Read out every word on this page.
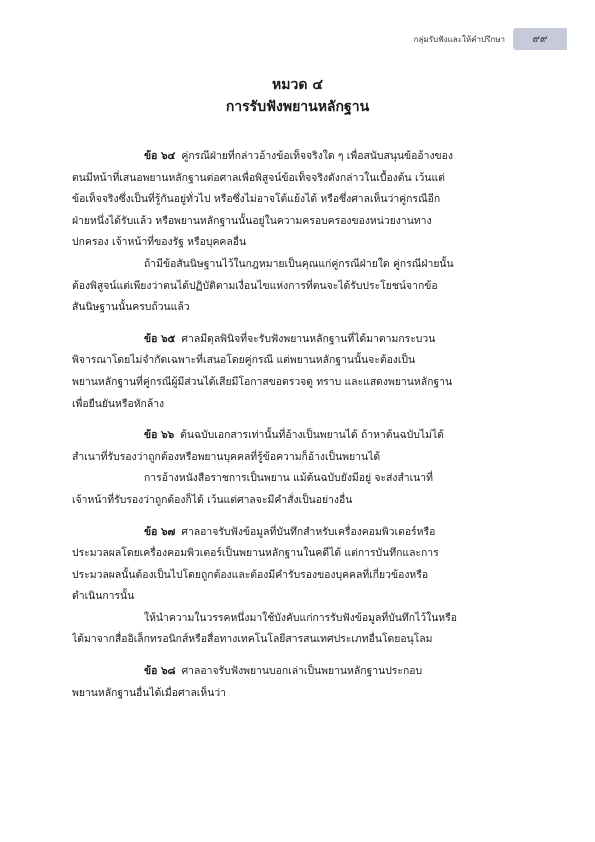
กลุ่มรับฟังและให้คำปรึกษา	๙๙
หมวด ๔
การรับฟังพยานหลักฐาน
ข้อ ๖๔ คู่กรณีฝ่ายที่กล่าวอ้างข้อเท็จจริงใด ๆ เพื่อสนับสนุนข้ออ้างของ
ตนมีหน้าที่เสนอพยานหลักฐานต่อศาลเพื่อพิสูจน์ข้อเท็จจริงดังกล่าวในเบื้องต้น เว้นแต่
ข้อเท็จจริงซึ่งเป็นที่รู้กันอยู่ทั่วไป หรือซึ่งไม่อาจโต้แย้งได้ หรือซึ่งศาลเห็นว่าคู่กรณีอีก
ฝ่ายหนึ่งได้รับแล้ว หรือพยานหลักฐานนั้นอยู่ในความครอบครองของหน่วยงานทาง
ปกครอง เจ้าหน้าที่ของรัฐ หรือบุคคลอื่น
ถ้ามีข้อสันนิษฐานไว้ในกฎหมายเป็นคุณแก่คู่กรณีฝ่ายใด คู่กรณีฝ่ายนั้น
ต้องพิสูจน์แต่เพียงว่าตนได้ปฏิบัติตามเงื่อนไขแห่งการที่ตนจะได้รับประโยชน์จากข้อ
สันนิษฐานนั้นครบถ้วนแล้ว
ข้อ ๖๕ ศาลมีดุลพินิจที่จะรับฟังพยานหลักฐานที่ได้มาตามกระบวน
พิจารณาโดยไม่จำกัดเฉพาะที่เสนอโดยคู่กรณี แต่พยานหลักฐานนั้นจะต้องเป็น
พยานหลักฐานที่คู่กรณีผู้มีส่วนได้เสียมีโอกาสขอตรวจดู ทราบ และแสดงพยานหลักฐาน
เพื่อยืนยันหรือหักล้าง
ข้อ ๖๖ ต้นฉบับเอกสารเท่านั้นที่อ้างเป็นพยานได้ ถ้าหาต้นฉบับไม่ได้
สำเนาที่รับรองว่าถูกต้องหรือพยานบุคคลที่รู้ข้อความก็อ้างเป็นพยานได้
การอ้างหนังสือราชการเป็นพยาน แม้ต้นฉบับยังมีอยู่ จะส่งสำเนาที่
เจ้าหน้าที่รับรองว่าถูกต้องก็ได้ เว้นแต่ศาลจะมีคำสั่งเป็นอย่างอื่น
ข้อ ๖๗ ศาลอาจรับฟังข้อมูลที่บันทึกสำหรับเครื่องคอมพิวเตอร์หรือ
ประมวลผลโดยเครื่องคอมพิวเตอร์เป็นพยานหลักฐานในคดีได้ แต่การบันทึกและการ
ประมวลผลนั้นต้องเป็นไปโดยถูกต้องและต้องมีคำรับรองของบุคคลที่เกี่ยวข้องหรือ
ดำเนินการนั้น
ให้นำความในวรรคหนึ่งมาใช้บังคับแก่การรับฟังข้อมูลที่บันทึกไว้ในหรือ
ได้มาจากสื่ออิเล็กทรอนิกส์หรือสื่อทางเทคโนโลยีสารสนเทศประเภทอื่นโดยอนุโลม
ข้อ ๖๘ ศาลอาจรับฟังพยานบอกเล่าเป็นพยานหลักฐานประกอบ
พยานหลักฐานอื่นได้เมื่อศาลเห็นว่า
